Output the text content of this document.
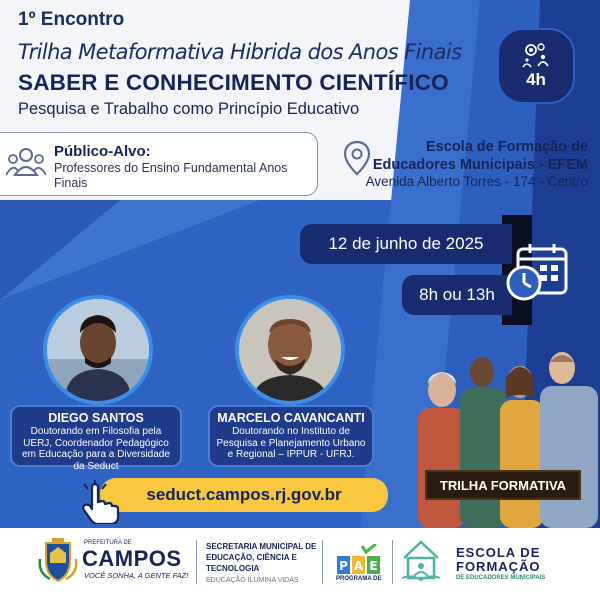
1º Encontro
Trilha Metaformativa Hibrida dos Anos Finais
SABER E CONHECIMENTO CIENTÍFICO
Pesquisa e Trabalho como Princípio Educativo
4h
Público-Alvo:
Professores do Ensino Fundamental Anos Finais
Escola de Formação de Educadores Municipais - EFEM
Avenida Alberto Torres - 174 - Centro
12 de junho de 2025
8h ou 13h
DIEGO SANTOS
Doutorando em Filosofia pela UERJ, Coordenador Pedagógico em Educação para a Diversidade da Seduct
MARCELO CAVANCANTI
Doutorando no Instituto de Pesquisa e Planejamento Urbano e Regional – IPPUR - UFRJ.
TRILHA FORMATIVA
seduct.campos.rj.gov.br
PREFEITURA DE
CAMPOS
VOCÊ SONHA, A GENTE FAZ!
SECRETARIA MUNICIPAL DE EDUCAÇÃO, CIÊNCIA E TECNOLOGIA
EDUCAÇÃO ILUMINA VIDAS
P A E
PROGRAMA DE
ESCOLA DE FORMAÇÃO
DE EDUCADORES MUNICIPAIS
